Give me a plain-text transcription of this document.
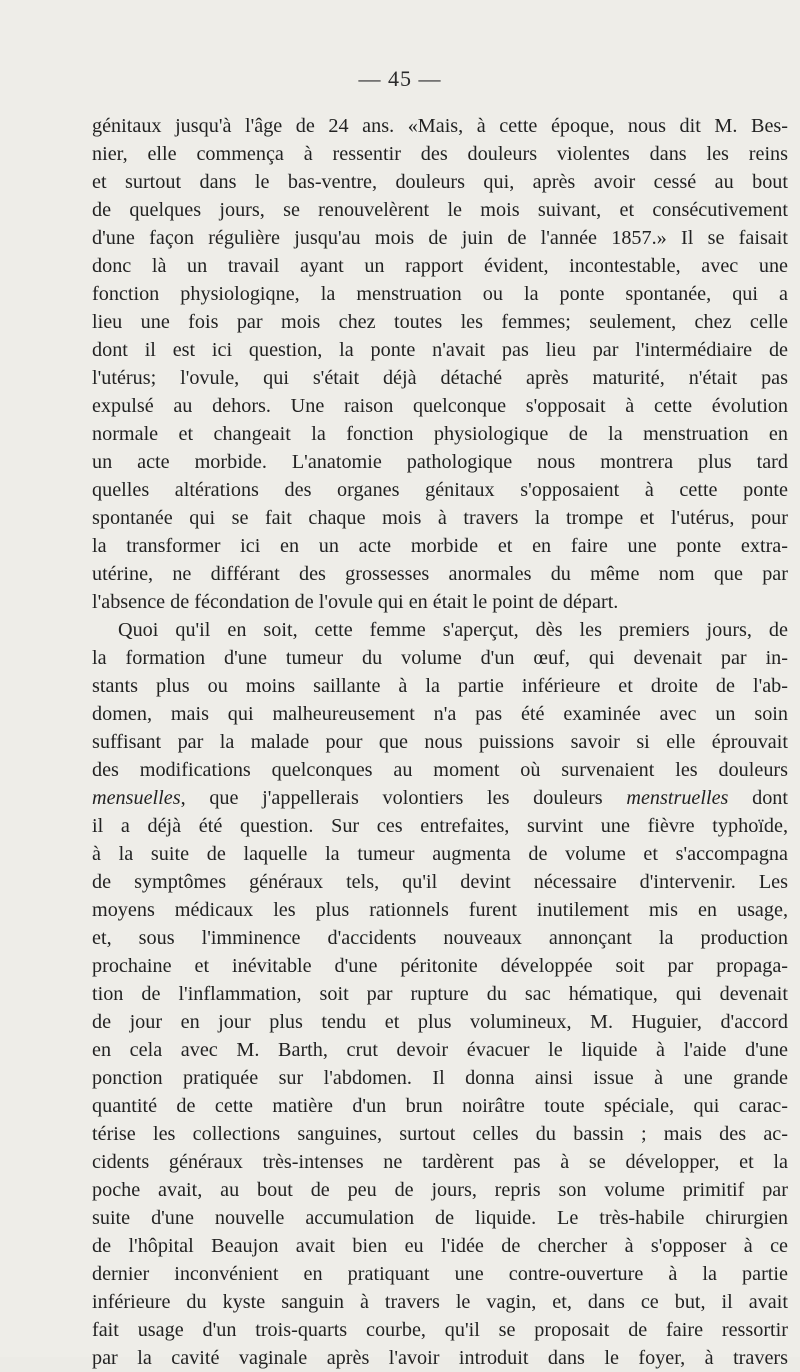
— 45 —
génitaux jusqu'à l'âge de 24 ans. «Mais, à cette époque, nous dit M. Bes-
nier, elle commença à ressentir des douleurs violentes dans les reins
et surtout dans le bas-ventre, douleurs qui, après avoir cessé au bout
de quelques jours, se renouvelèrent le mois suivant, et consécutivement
d'une façon régulière jusqu'au mois de juin de l'année 1857.» Il se faisait
donc là un travail ayant un rapport évident, incontestable, avec une
fonction physiologiqne, la menstruation ou la ponte spontanée, qui a
lieu une fois par mois chez toutes les femmes; seulement, chez celle
dont il est ici question, la ponte n'avait pas lieu par l'intermédiaire de
l'utérus; l'ovule, qui s'était déjà détaché après maturité, n'était pas
expulsé au dehors. Une raison quelconque s'opposait à cette évolution
normale et changeait la fonction physiologique de la menstruation en
un acte morbide. L'anatomie pathologique nous montrera plus tard
quelles altérations des organes génitaux s'opposaient à cette ponte
spontanée qui se fait chaque mois à travers la trompe et l'utérus, pour
la transformer ici en un acte morbide et en faire une ponte extra-
utérine, ne différant des grossesses anormales du même nom que par
l'absence de fécondation de l'ovule qui en était le point de départ.
Quoi qu'il en soit, cette femme s'aperçut, dès les premiers jours, de
la formation d'une tumeur du volume d'un œuf, qui devenait par in-
stants plus ou moins saillante à la partie inférieure et droite de l'ab-
domen, mais qui malheureusement n'a pas été examinée avec un soin
suffisant par la malade pour que nous puissions savoir si elle éprouvait
des modifications quelconques au moment où survenaient les douleurs
mensuelles, que j'appellerais volontiers les douleurs menstruelles dont
il a déjà été question. Sur ces entrefaites, survint une fièvre typhoïde,
à la suite de laquelle la tumeur augmenta de volume et s'accompagna
de symptômes généraux tels, qu'il devint nécessaire d'intervenir. Les
moyens médicaux les plus rationnels furent inutilement mis en usage,
et, sous l'imminence d'accidents nouveaux annonçant la production
prochaine et inévitable d'une péritonite développée soit par propaga-
tion de l'inflammation, soit par rupture du sac hématique, qui devenait
de jour en jour plus tendu et plus volumineux, M. Huguier, d'accord
en cela avec M. Barth, crut devoir évacuer le liquide à l'aide d'une
ponction pratiquée sur l'abdomen. Il donna ainsi issue à une grande
quantité de cette matière d'un brun noirâtre toute spéciale, qui carac-
térise les collections sanguines, surtout celles du bassin ; mais des ac-
cidents généraux très-intenses ne tardèrent pas à se développer, et la
poche avait, au bout de peu de jours, repris son volume primitif par
suite d'une nouvelle accumulation de liquide. Le très-habile chirurgien
de l'hôpital Beaujon avait bien eu l'idée de chercher à s'opposer à ce
dernier inconvénient en pratiquant une contre-ouverture à la partie
inférieure du kyste sanguin à travers le vagin, et, dans ce but, il avait
fait usage d'un trois-quarts courbe, qu'il se proposait de faire ressortir
par la cavité vaginale après l'avoir introduit dans le foyer, à travers
